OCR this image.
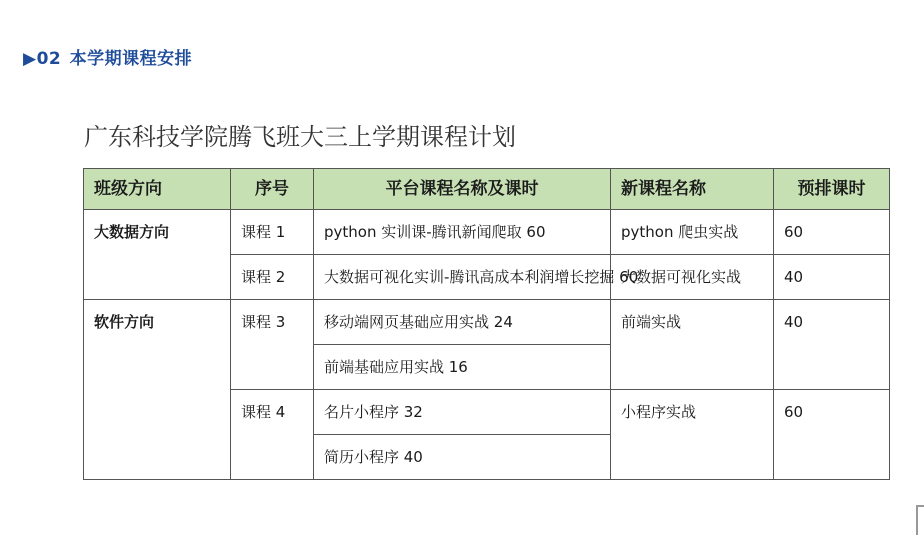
▶02 本学期课程安排
广东科技学院腾飞班大三上学期课程计划
班级方向	序号	平台课程名称及课时	新课程名称	预排课时
大数据方向	课程 1	python 实训课-腾讯新闻爬取 60	python 爬虫实战	60
	课程 2	大数据可视化实训-腾讯高成本利润增长挖掘 60	大数据可视化实战	40
软件方向	课程 3	移动端网页基础应用实战 24	前端实战	40
		前端基础应用实战 16		
	课程 4	名片小程序 32	小程序实战	60
		简历小程序 40		
